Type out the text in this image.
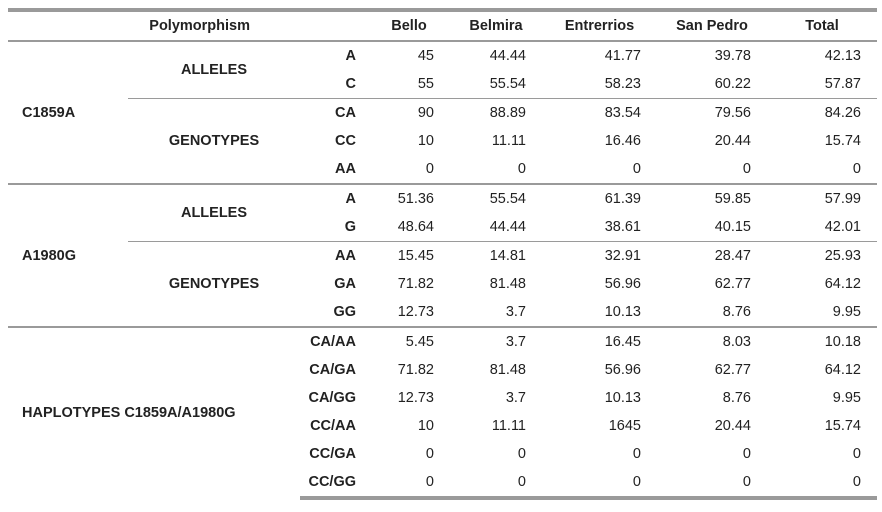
Polymorphism			Bello	Belmira	Entrerrios	San Pedro	Total
C1859A	ALLELES	A	45	44.44	41.77	39.78	42.13
		C	55	55.54	58.23	60.22	57.87
	GENOTYPES	CA	90	88.89	83.54	79.56	84.26
		CC	10	11.11	16.46	20.44	15.74
		AA	0	0	0	0	0
A1980G	ALLELES	A	51.36	55.54	61.39	59.85	57.99
		G	48.64	44.44	38.61	40.15	42.01
	GENOTYPES	AA	15.45	14.81	32.91	28.47	25.93
		GA	71.82	81.48	56.96	62.77	64.12
		GG	12.73	3.7	10.13	8.76	9.95
HAPLOTYPES C1859A/A1980G		CA/AA	5.45	3.7	16.45	8.03	10.18
		CA/GA	71.82	81.48	56.96	62.77	64.12
		CA/GG	12.73	3.7	10.13	8.76	9.95
		CC/AA	10	11.11	1645	20.44	15.74
		CC/GA	0	0	0	0	0
		CC/GG	0	0	0	0	0
